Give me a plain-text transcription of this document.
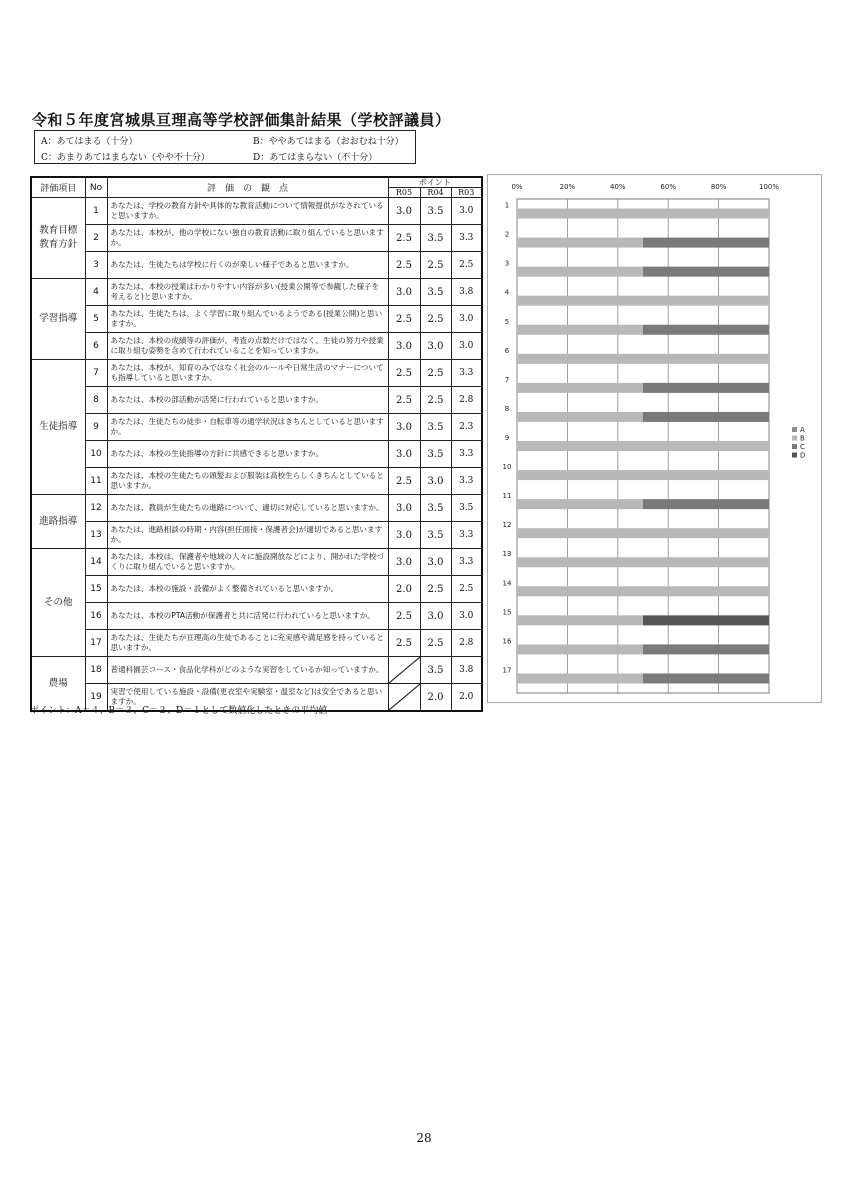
令和５年度宮城県亘理高等学校評価集計結果（学校評議員）
A：あてはまる（十分）	B：ややあてはまる（おおむね十分）
C：あまりあてはまらない（やや不十分）	D：あてはまらない（不十分）
評価項目	No	評　価　の　観　点	ポイント		
			R05	R04	R03
教育目標
教育方針	1	あなたは、学校の教育方針や具体的な教育活動について情報提供がなされていると思いますか。	3.0	3.5	3.0
	2	あなたは、本校が、他の学校にない独自の教育活動に取り組んでいると思いますか。	2.5	3.5	3.3
	3	あなたは、生徒たちは学校に行くのが楽しい様子であると思いますか。	2.5	2.5	2.5
学習指導	4	あなたは、本校の授業はわかりやすい内容が多い(授業公開等で参観した様子を考えると)と思いますか。	3.0	3.5	3.8
	5	あなたは、生徒たちは、よく学習に取り組んでいるようである(授業公開)と思いますか。	2.5	2.5	3.0
	6	あなたは、本校の成績等の評価が、考査の点数だけではなく、生徒の努力や授業に取り組む姿勢を含めて行われていることを知っていますか。	3.0	3.0	3.0
生徒指導	7	あなたは、本校が、知育のみではなく社会のルールや日常生活のマナーについても指導していると思いますか。	2.5	2.5	3.3
	8	あなたは、本校の部活動が活発に行われていると思いますか。	2.5	2.5	2.8
	9	あなたは、生徒たちの徒歩・自転車等の通学状況はきちんとしていると思いますか。	3.0	3.5	2.3
	10	あなたは、本校の生徒指導の方針に共感できると思いますか。	3.0	3.5	3.3
	11	あなたは、本校の生徒たちの頭髪および服装は高校生らしくきちんとしていると思いますか。	2.5	3.0	3.3
進路指導	12	あなたは、教員が生徒たちの進路について、適切に対応していると思いますか。	3.0	3.5	3.5
	13	あなたは、進路相談の時期・内容(担任面接・保護者会)が適切であると思いますか。	3.0	3.5	3.3
その他	14	あなたは、本校は、保護者や地域の人々に施設開放などにより、開かれた学校づくりに取り組んでいると思いますか。	3.0	3.0	3.3
	15	あなたは、本校の施設・設備がよく整備されていると思いますか。	2.0	2.5	2.5
	16	あなたは、本校のPTA活動が保護者と共に活発に行われていると思いますか。	2.5	3.0	3.0
	17	あなたは、生徒たちが亘理高の生徒であることに充実感や満足感を持っていると思いますか。	2.5	2.5	2.8
農場	18	普通科園芸コース・食品化学科がどのような実習をしているか知っていますか。		3.5	3.8
	19	実習で使用している施設・設備(更衣室や実験室・温室など)は安全であると思いますか。		2.0	2.0
ポイント：A＝４、B＝３、C＝２、D＝１として数値化したときの平均値
0%	20%	40%	60%	80%	100%
1
2
3
4
5
6
7
8
9
10
11
12
13
14
15
16
17
A
B
C
D
28
